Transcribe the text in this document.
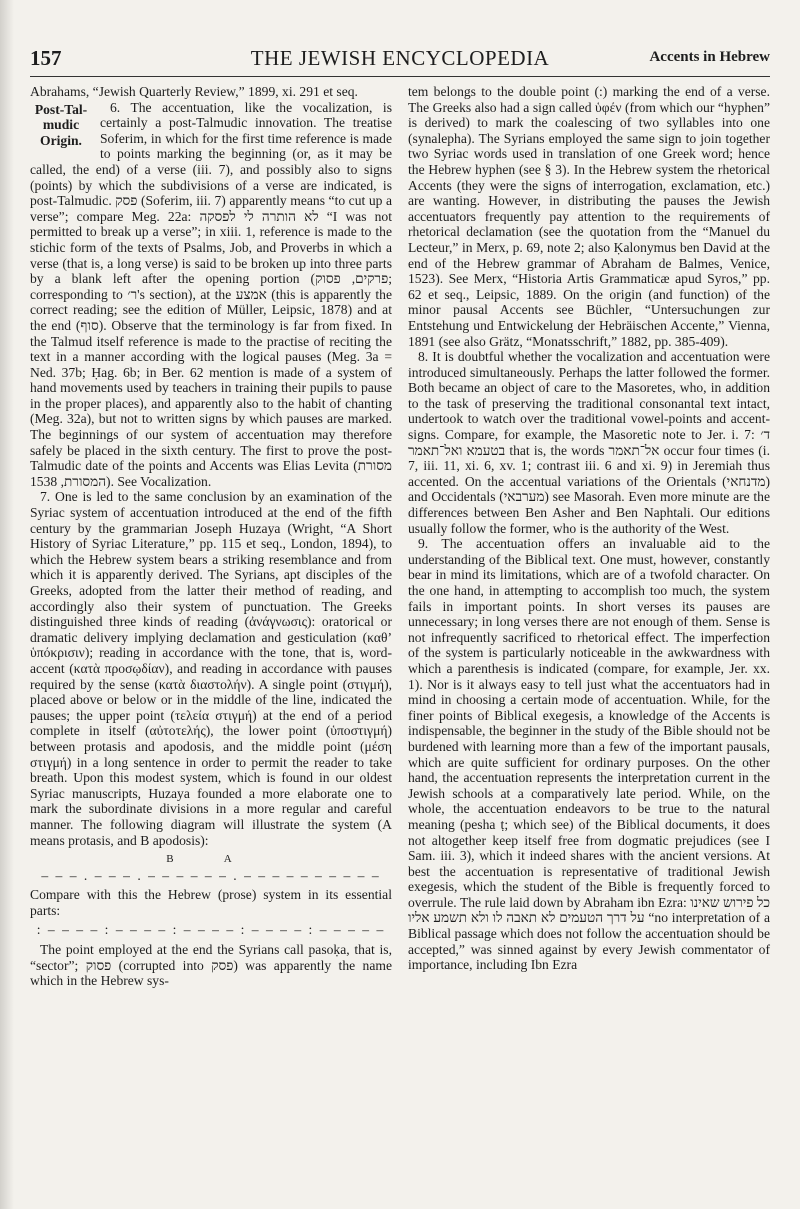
157	THE JEWISH ENCYCLOPEDIA	Accents in Hebrew

Abrahams, “Jewish Quarterly Review,” 1899, xi. 291 et seq.

Post-Tal-mudic Origin.
6. The accentuation, like the vocalization, is certainly a post-Talmudic innovation. The treatise Soferim, in which for the first time reference is made to points marking the beginning (or, as it may be called, the end) of a verse (iii. 7), and possibly also to signs (points) by which the subdivisions of a verse are indicated, is post-Talmudic. פסק (Soferim, iii. 7) apparently means “to cut up a verse”; compare Meg. 22a: לא הותרה לי לפסקה “I was not permitted to break up a verse”; in xiii. 1, reference is made to the stichic form of the texts of Psalms, Job, and Proverbs in which a verse (that is, a long verse) is said to be broken up into three parts by a blank left after the opening portion (פרקים, פסוק; corresponding to ר׳'s section), at the אמצע (this is apparently the correct reading; see the edition of Müller, Leipsic, 1878) and at the end (סוף). Observe that the terminology is far from fixed. In the Talmud itself reference is made to the practise of reciting the text in a manner according with the logical pauses (Meg. 3a = Ned. 37b; Ḥag. 6b; in Ber. 62 mention is made of a system of hand movements used by teachers in training their pupils to pause in the proper places), and apparently also to the habit of chanting (Meg. 32a), but not to written signs by which pauses are marked. The beginnings of our system of accentuation may therefore safely be placed in the sixth century. The first to prove the post-Talmudic date of the points and Accents was Elias Levita (מסורת המסורת, 1538). See Vocalization.

7. One is led to the same conclusion by an examination of the Syriac system of accentuation introduced at the end of the fifth century by the grammarian Joseph Huzaya (Wright, “A Short History of Syriac Literature,” pp. 115 et seq., London, 1894), to which the Hebrew system bears a striking resemblance and from which it is apparently derived. The Syrians, apt disciples of the Greeks, adopted from the latter their method of reading, and accordingly also their system of punctuation. The Greeks distinguished three kinds of reading (ἀνάγνωσις): oratorical or dramatic delivery implying declamation and gesticulation (καθ’ ὑπόκρισιν); reading in accordance with the tone, that is, word-accent (κατὰ προσῳδίαν), and reading in accordance with pauses required by the sense (κατὰ διαστολήν). A single point (στιγμή), placed above or below or in the middle of the line, indicated the pauses; the upper point (τελεία στιγμή) at the end of a period complete in itself (αὐτοτελής), the lower point (ὑποστιγμή) between protasis and apodosis, and the middle point (μέση στιγμή) in a long sentence in order to permit the reader to take breath. Upon this modest system, which is found in our oldest Syriac manuscripts, Huzaya founded a more elaborate one to mark the subordinate divisions in a more regular and careful manner. The following diagram will illustrate the system (A means protasis, and B apodosis):

B A
– – – . – – – . – – – – – – . – – – – – – – – – –

Compare with this the Hebrew (prose) system in its essential parts:

: – – – – : – – – – : – – – – : – – – – : – – – – –

The point employed at the end the Syrians call pasoḳa, that is, “sector”; פסוק (corrupted into פסק) was apparently the name which in the Hebrew sys-

tem belongs to the double point (:) marking the end of a verse. The Greeks also had a sign called ὑφέν (from which our “hyphen” is derived) to mark the coalescing of two syllables into one (synalepha). The Syrians employed the same sign to join together two Syriac words used in translation of one Greek word; hence the Hebrew hyphen (see § 3). In the Hebrew system the rhetorical Accents (they were the signs of interrogation, exclamation, etc.) are wanting. However, in distributing the pauses the Jewish accentuators frequently pay attention to the requirements of rhetorical declamation (see the quotation from the “Manuel du Lecteur,” in Merx, p. 69, note 2; also Ḳalonymus ben David at the end of the Hebrew grammar of Abraham de Balmes, Venice, 1523). See Merx, “Historia Artis Grammaticæ apud Syros,” pp. 62 et seq., Leipsic, 1889. On the origin (and function) of the minor pausal Accents see Büchler, “Untersuchungen zur Entstehung und Entwickelung der Hebräischen Accente,” Vienna, 1891 (see also Grätz, “Monatsschrift,” 1882, pp. 385-409).

8. It is doubtful whether the vocalization and accentuation were introduced simultaneously. Perhaps the latter followed the former. Both became an object of care to the Masoretes, who, in addition to the task of preserving the traditional consonantal text intact, undertook to watch over the traditional vowel-points and accent-signs. Compare, for example, the Masoretic note to Jer. i. 7: ד׳ בטעמא ואל־תאמר that is, the words אל־תאמר occur four times (i. 7, iii. 11, xi. 6, xv. 1; contrast iii. 6 and xi. 9) in Jeremiah thus accented. On the accentual variations of the Orientals (מדנחאי) and Occidentals (מערבאי) see Masorah. Even more minute are the differences between Ben Asher and Ben Naphtali. Our editions usually follow the former, who is the authority of the West.

9. The accentuation offers an invaluable aid to the understanding of the Biblical text. One must, however, constantly bear in mind its limitations, which are of a twofold character. On the one hand, in attempting to accomplish too much, the system fails in important points. In short verses its pauses are unnecessary; in long verses there are not enough of them. Sense is not infrequently sacrificed to rhetorical effect. The imperfection of the system is particularly noticeable in the awkwardness with which a parenthesis is indicated (compare, for example, Jer. xx. 1). Nor is it always easy to tell just what the accentuators had in mind in choosing a certain mode of accentuation. While, for the finer points of Biblical exegesis, a knowledge of the Accents is indispensable, the beginner in the study of the Bible should not be burdened with learning more than a few of the important pausals, which are quite sufficient for ordinary purposes. On the other hand, the accentuation represents the interpretation current in the Jewish schools at a comparatively late period. While, on the whole, the accentuation endeavors to be true to the natural meaning (pesha ṭ; which see) of the Biblical documents, it does not altogether keep itself free from dogmatic prejudices (see I Sam. iii. 3), which it indeed shares with the ancient versions. At best the accentuation is representative of traditional Jewish exegesis, which the student of the Bible is frequently forced to overrule. The rule laid down by Abraham ibn Ezra: כל פירוש שאינו על דרך הטעמים לא תאבה לו ולא תשמע אליו “no interpretation of a Biblical passage which does not follow the accentuation should be accepted,” was sinned against by every Jewish commentator of importance, including Ibn Ezra
